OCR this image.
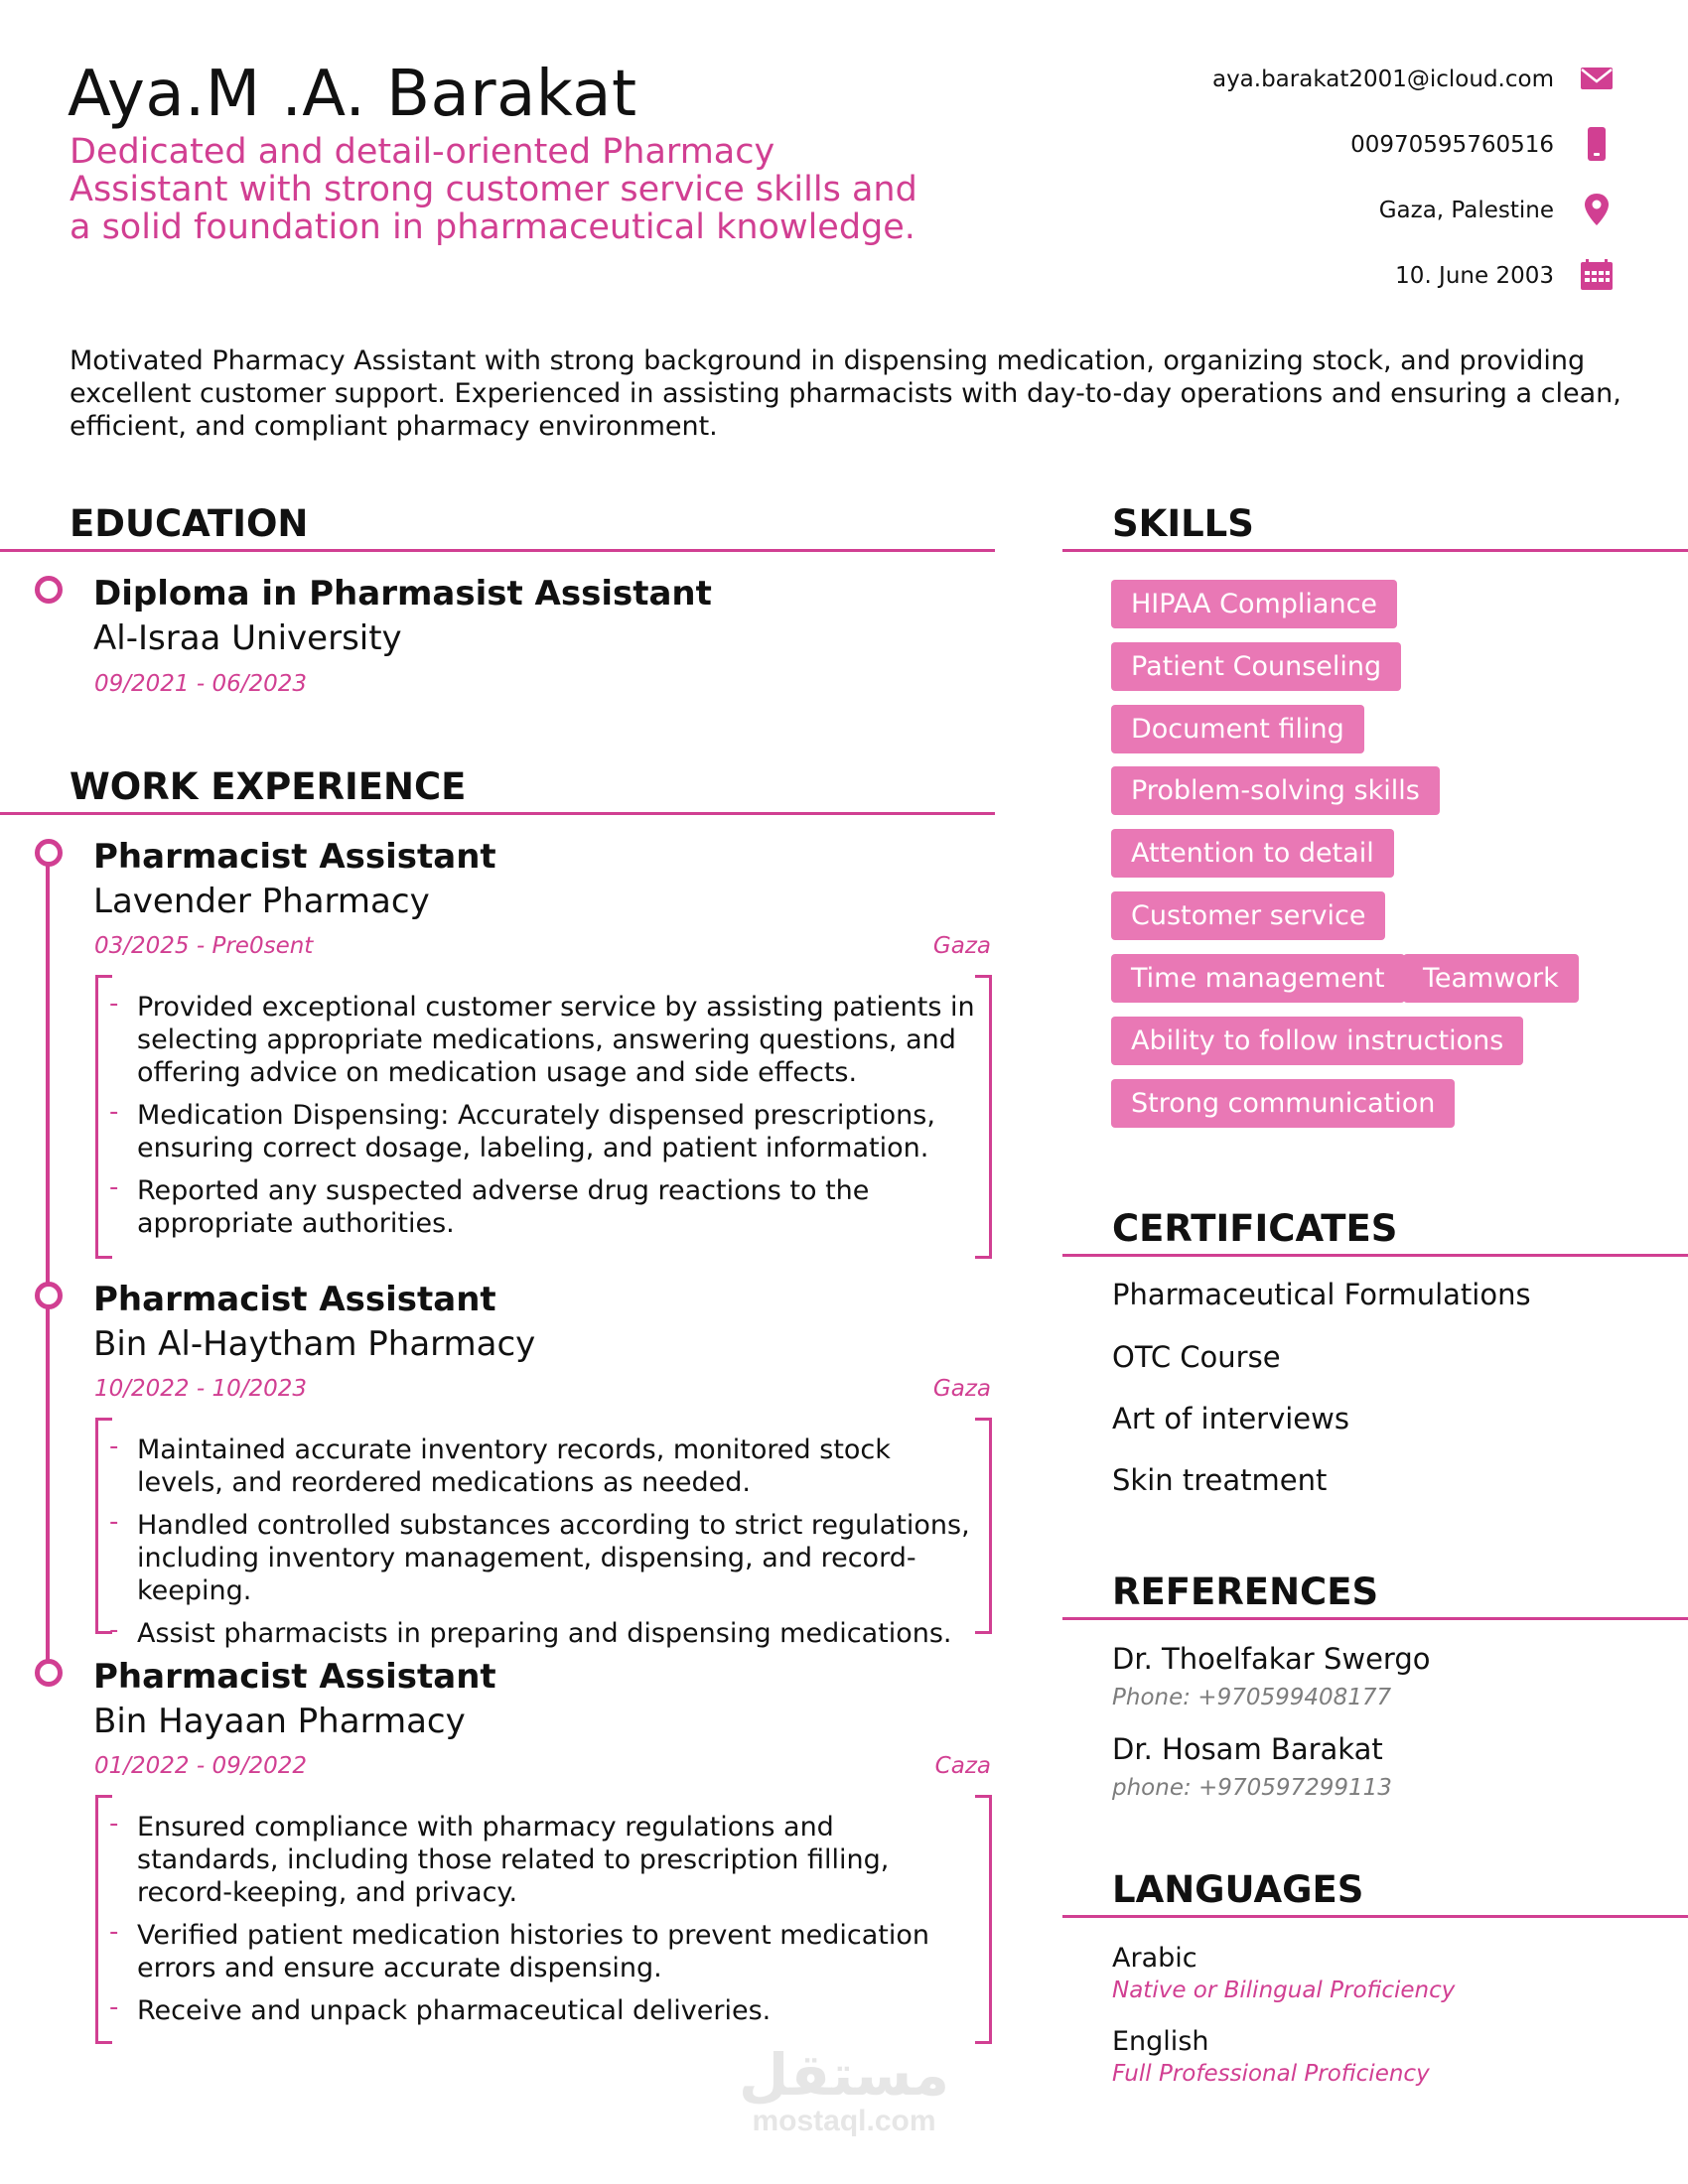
Aya.M .A. Barakat
Dedicated and detail-oriented Pharmacy Assistant with strong customer service skills and a solid foundation in pharmaceutical knowledge.
aya.barakat2001@icloud.com
00970595760516
Gaza, Palestine
10. June 2003
Motivated Pharmacy Assistant with strong background in dispensing medication, organizing stock, and providing excellent customer support. Experienced in assisting pharmacists with day-to-day operations and ensuring a clean, efficient, and compliant pharmacy environment.
EDUCATION
Diploma in Pharmasist Assistant
Al-Israa University
09/2021 - 06/2023
WORK EXPERIENCE
Pharmacist Assistant
Lavender Pharmacy
03/2025 - Pre0sent	Gaza
- Provided exceptional customer service by assisting patients in selecting appropriate medications, answering questions, and offering advice on medication usage and side effects.
- Medication Dispensing: Accurately dispensed prescriptions, ensuring correct dosage, labeling, and patient information.
- Reported any suspected adverse drug reactions to the appropriate authorities.
Pharmacist Assistant
Bin Al-Haytham Pharmacy
10/2022 - 10/2023	Gaza
- Maintained accurate inventory records, monitored stock levels, and reordered medications as needed.
- Handled controlled substances according to strict regulations, including inventory management, dispensing, and record-keeping.
- Assist pharmacists in preparing and dispensing medications.
Pharmacist Assistant
Bin Hayaan Pharmacy
01/2022 - 09/2022	Caza
- Ensured compliance with pharmacy regulations and standards, including those related to prescription filling, record-keeping, and privacy.
- Verified patient medication histories to prevent medication errors and ensure accurate dispensing.
- Receive and unpack pharmaceutical deliveries.
SKILLS
HIPAA Compliance
Patient Counseling
Document filing
Problem-solving skills
Attention to detail
Customer service
Time management	Teamwork
Ability to follow instructions
Strong communication
CERTIFICATES
Pharmaceutical Formulations
OTC Course
Art of interviews
Skin treatment
REFERENCES
Dr. Thoelfakar Swergo
Phone: +970599408177
Dr. Hosam Barakat
phone: +970597299113
LANGUAGES
Arabic
Native or Bilingual Proficiency
English
Full Professional Proficiency
مستقل
mostaql.com
